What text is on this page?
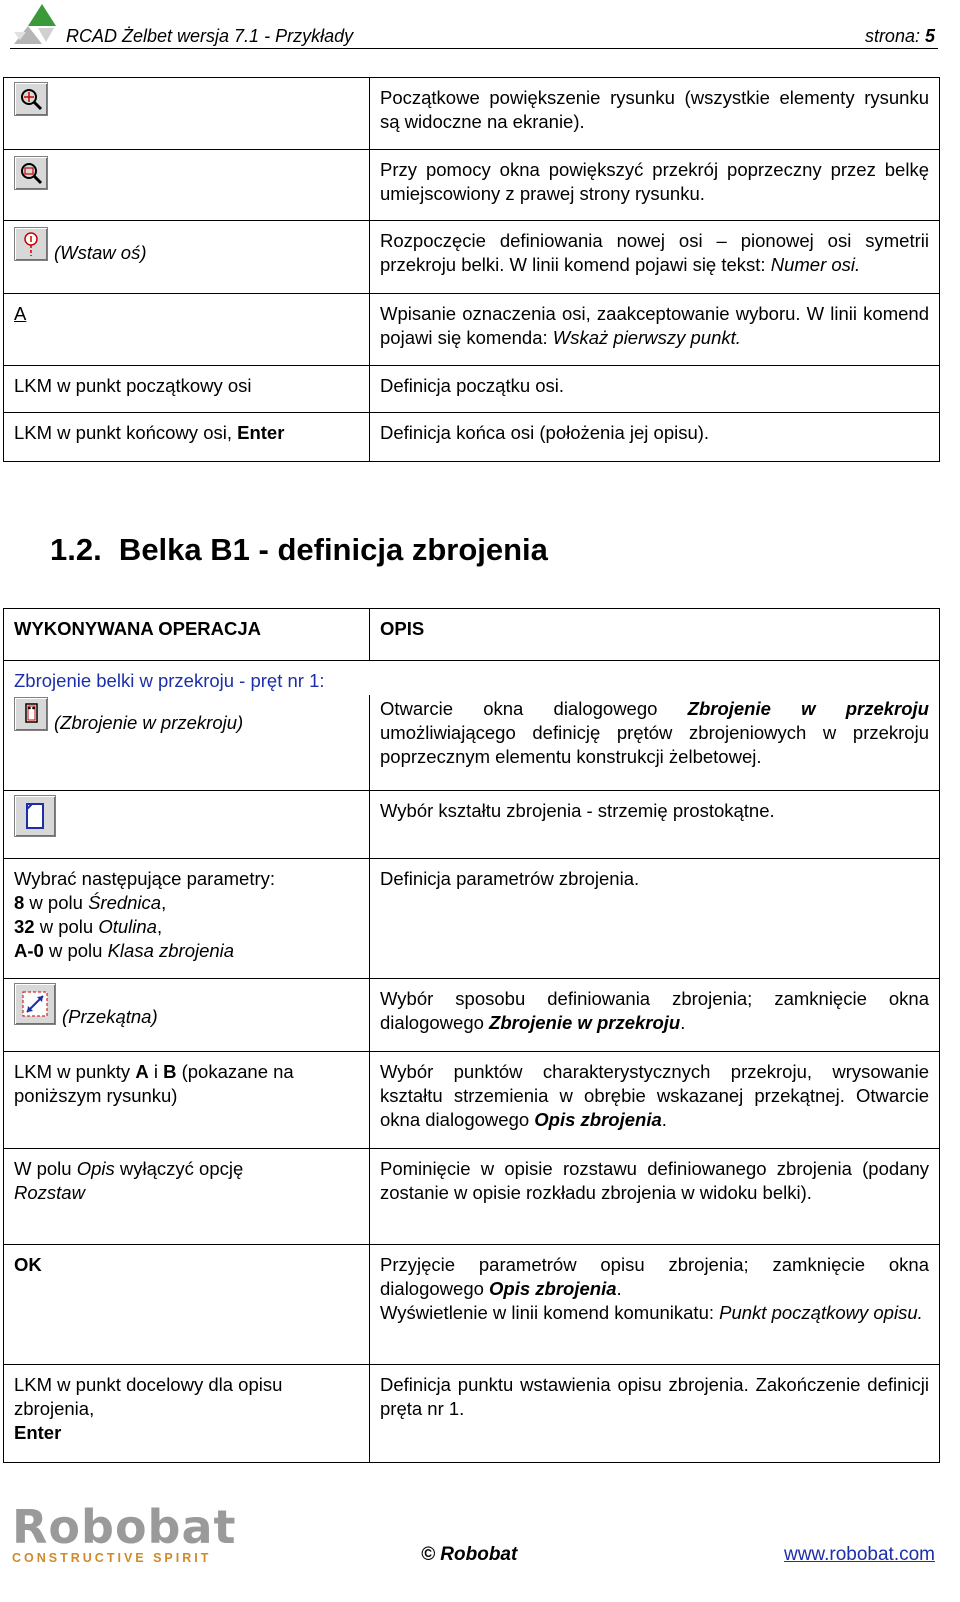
RCAD Żelbet wersja 7.1 - Przykłady	strona: 5
	Początkowe powiększenie rysunku (wszystkie elementy rysunku są widoczne na ekranie).

	Przy pomocy okna powiększyć przekrój poprzeczny przez belkę umiejscowiony z prawej strony rysunku.

(Wstaw oś)	Rozpoczęcie definiowania nowej osi – pionowej osi symetrii przekroju belki. W linii komend pojawi się tekst: Numer osi.
A	Wpisanie oznaczenia osi, zaakceptowanie wyboru. W linii komend pojawi się komenda: Wskaż pierwszy punkt.
LKM w punkt początkowy osi	Definicja początku osi.
LKM w punkt końcowy osi, Enter	Definicja końca osi (położenia jej opisu).
1.2.  Belka B1 - definicja zbrojenia
WYKONYWANA OPERACJA	OPIS
Zbrojenie belki w przekroju - pręt nr 1:	

(Zbrojenie w przekroju)	Otwarcie okna dialogowego Zbrojenie w przekroju umożliwiającego definicję prętów zbrojeniowych w przekroju poprzecznym elementu konstrukcji żelbetowej.

	Wybór kształtu zbrojenia - strzemię prostokątne.

Wybrać następujące parametry:
8 w polu Średnica,
32 w polu Otulina,
A-0 w polu Klasa zbrojenia	Definicja parametrów zbrojenia.

(Przekątna)	Wybór sposobu definiowania zbrojenia; zamknięcie okna dialogowego Zbrojenie w przekroju.
LKM w punkty A i B (pokazane na poniższym rysunku)	Wybór punktów charakterystycznych przekroju, wrysowanie kształtu strzemienia w obrębie wskazanej przekątnej. Otwarcie okna dialogowego Opis zbrojenia.
W polu Opis wyłączyć opcję
Rozstaw	Pominięcie w opisie rozstawu definiowanego zbrojenia (podany zostanie w opisie rozkładu zbrojenia w widoku belki).
OK	Przyjęcie parametrów opisu zbrojenia; zamknięcie okna dialogowego Opis zbrojenia.
Wyświetlenie w linii komend komunikatu: Punkt początkowy opisu.
LKM w punkt docelowy dla opisu zbrojenia,
Enter	Definicja punktu wstawienia opisu zbrojenia. Zakończenie definicji pręta nr 1.
Robobat
CONSTRUCTIVE SPIRIT	© Robobat	www.robobat.com
